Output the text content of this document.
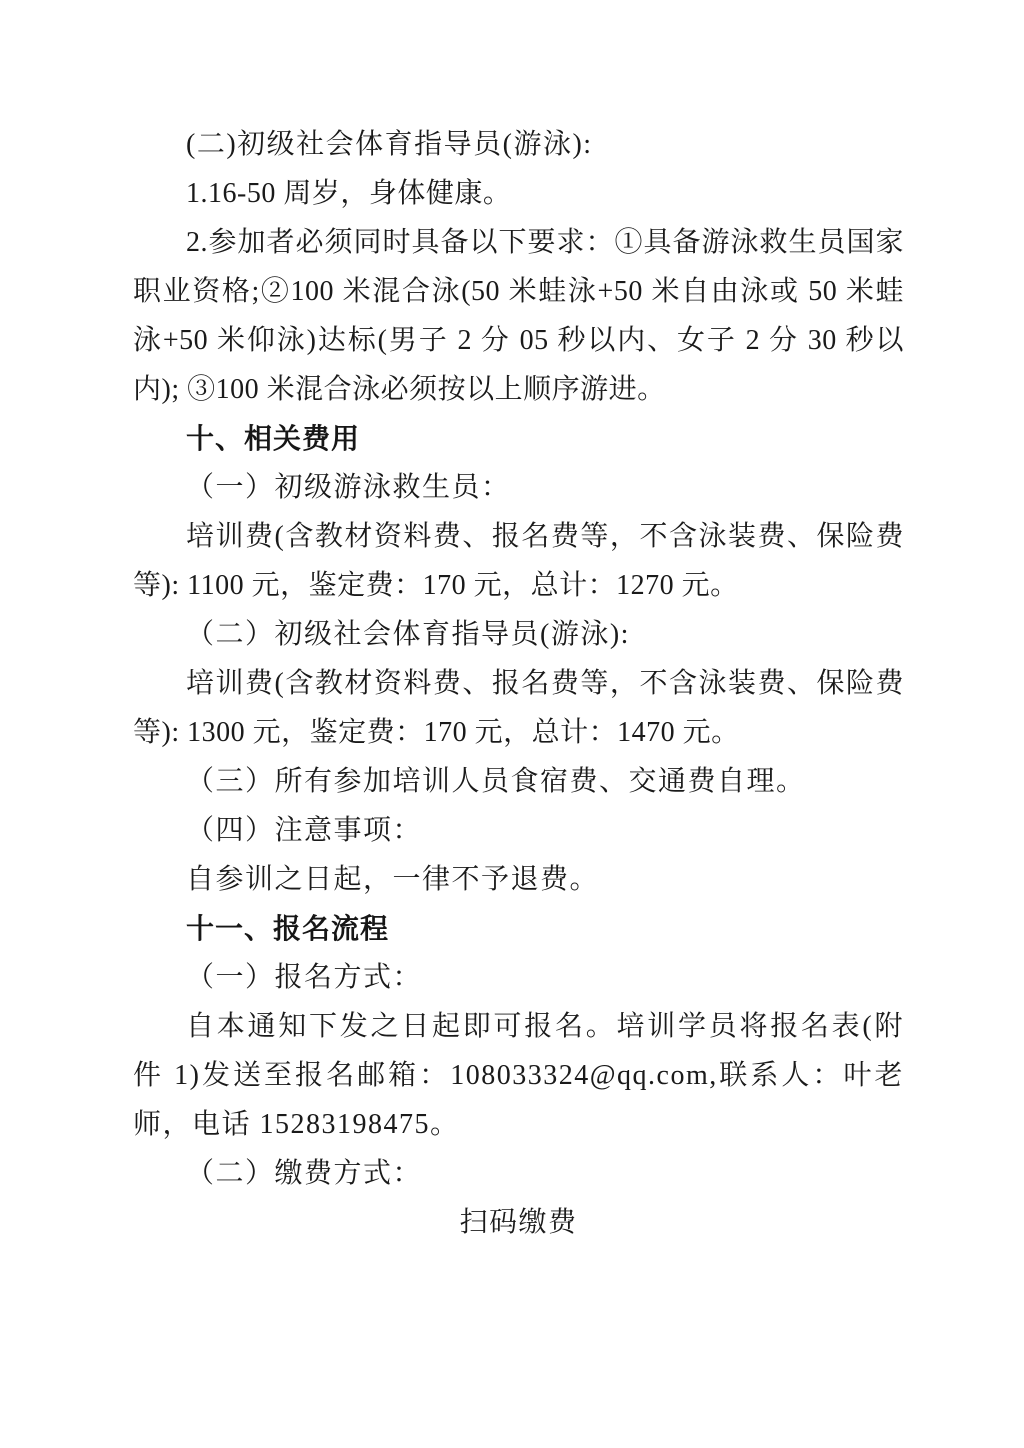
(二)初级社会体育指导员(游泳):

1.16-50 周岁，身体健康。

2.参加者必须同时具备以下要求：①具备游泳救生员国家职业资格;②100 米混合泳(50 米蛙泳+50 米自由泳或 50 米蛙泳+50 米仰泳)达标(男子 2 分 05 秒以内、女子 2 分 30 秒以内); ③100 米混合泳必须按以上顺序游进。

十、相关费用

（一）初级游泳救生员：

培训费(含教材资料费、报名费等，不含泳装费、保险费等): 1100 元，鉴定费：170 元，总计：1270 元。

（二）初级社会体育指导员(游泳):

培训费(含教材资料费、报名费等，不含泳装费、保险费等): 1300 元，鉴定费：170 元，总计：1470 元。

（三）所有参加培训人员食宿费、交通费自理。

（四）注意事项：

自参训之日起，一律不予退费。

十一、报名流程

（一）报名方式：

自本通知下发之日起即可报名。培训学员将报名表(附件 1)发送至报名邮箱：108033324@qq.com,联系人：叶老师，电话 15283198475。

（二）缴费方式：

扫码缴费
